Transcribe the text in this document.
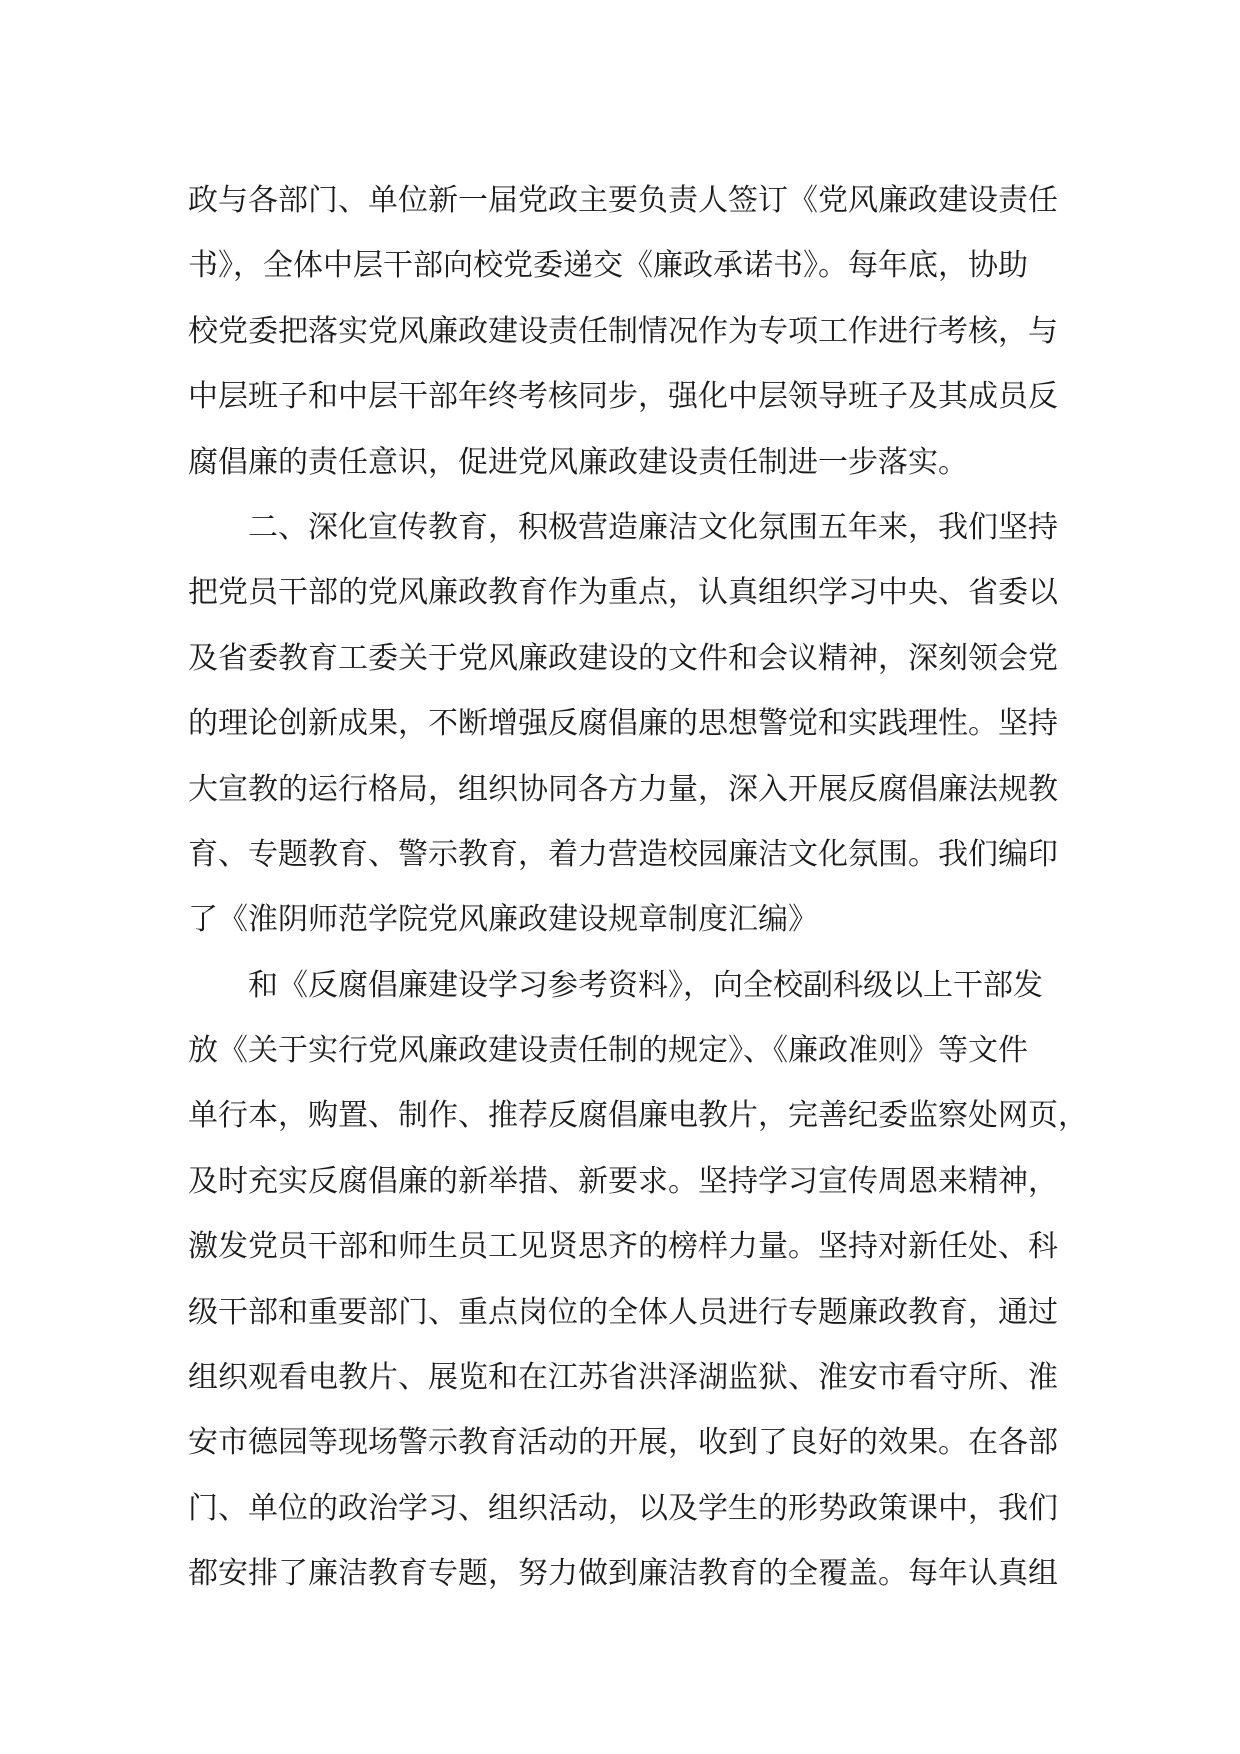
政与各部门、单位新一届党政主要负责人签订《党风廉政建设责任
书》，全体中层干部向校党委递交《廉政承诺书》。每年底，协助
校党委把落实党风廉政建设责任制情况作为专项工作进行考核，与
中层班子和中层干部年终考核同步，强化中层领导班子及其成员反
腐倡廉的责任意识，促进党风廉政建设责任制进一步落实。
二、深化宣传教育，积极营造廉洁文化氛围五年来，我们坚持
把党员干部的党风廉政教育作为重点，认真组织学习中央、省委以
及省委教育工委关于党风廉政建设的文件和会议精神，深刻领会党
的理论创新成果，不断增强反腐倡廉的思想警觉和实践理性。坚持
大宣教的运行格局，组织协同各方力量，深入开展反腐倡廉法规教
育、专题教育、警示教育，着力营造校园廉洁文化氛围。我们编印
了《淮阴师范学院党风廉政建设规章制度汇编》
和《反腐倡廉建设学习参考资料》，向全校副科级以上干部发
放《关于实行党风廉政建设责任制的规定》、《廉政准则》等文件
单行本，购置、制作、推荐反腐倡廉电教片，完善纪委监察处网页，
及时充实反腐倡廉的新举措、新要求。坚持学习宣传周恩来精神，
激发党员干部和师生员工见贤思齐的榜样力量。坚持对新任处、科
级干部和重要部门、重点岗位的全体人员进行专题廉政教育，通过
组织观看电教片、展览和在江苏省洪泽湖监狱、淮安市看守所、淮
安市德园等现场警示教育活动的开展，收到了良好的效果。在各部
门、单位的政治学习、组织活动，以及学生的形势政策课中，我们
都安排了廉洁教育专题，努力做到廉洁教育的全覆盖。每年认真组
